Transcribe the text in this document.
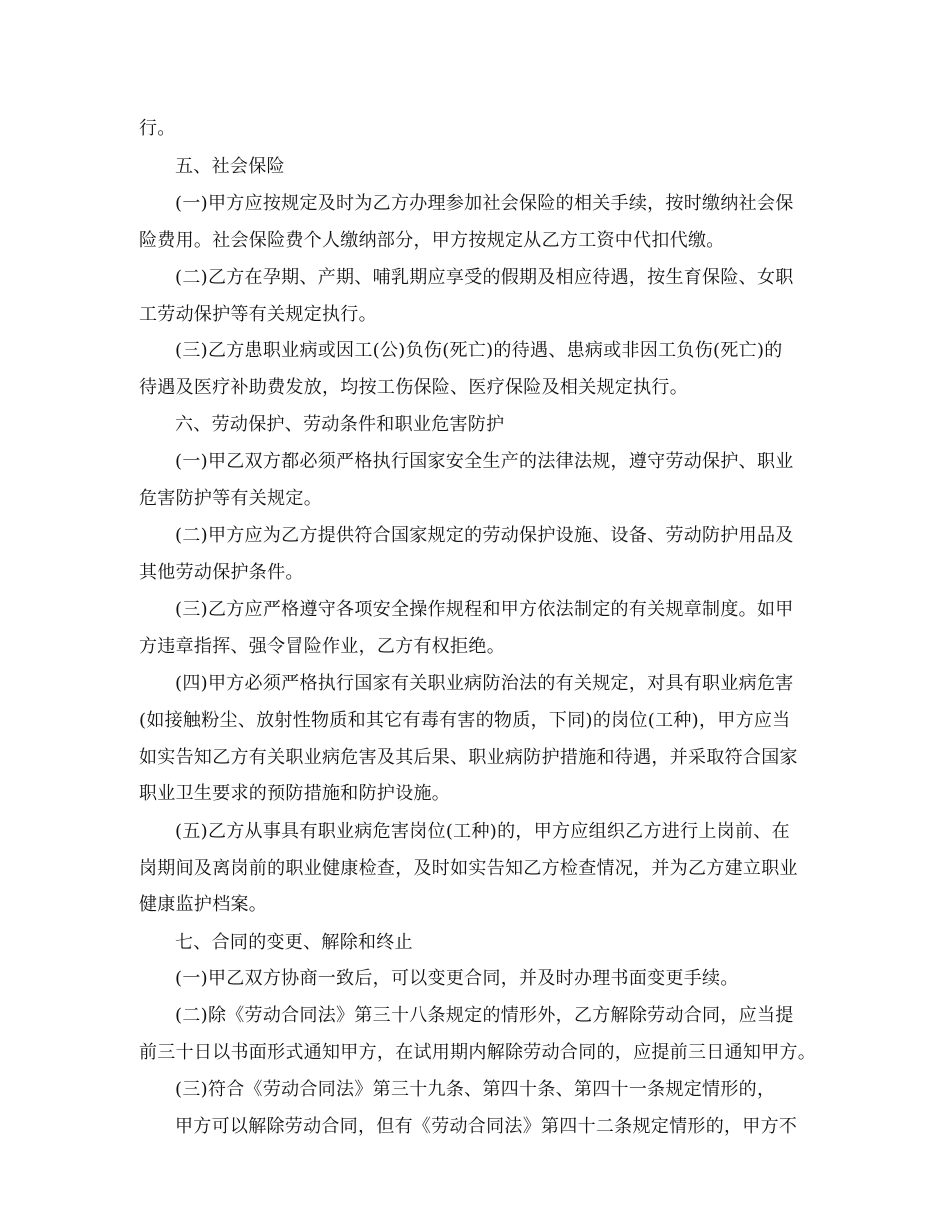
行。
五、社会保险
(一)甲方应按规定及时为乙方办理参加社会保险的相关手续，按时缴纳社会保
险费用。社会保险费个人缴纳部分，甲方按规定从乙方工资中代扣代缴。
(二)乙方在孕期、产期、哺乳期应享受的假期及相应待遇，按生育保险、女职
工劳动保护等有关规定执行。
(三)乙方患职业病或因工(公)负伤(死亡)的待遇、患病或非因工负伤(死亡)的
待遇及医疗补助费发放，均按工伤保险、医疗保险及相关规定执行。
六、劳动保护、劳动条件和职业危害防护
(一)甲乙双方都必须严格执行国家安全生产的法律法规，遵守劳动保护、职业
危害防护等有关规定。
(二)甲方应为乙方提供符合国家规定的劳动保护设施、设备、劳动防护用品及
其他劳动保护条件。
(三)乙方应严格遵守各项安全操作规程和甲方依法制定的有关规章制度。如甲
方违章指挥、强令冒险作业，乙方有权拒绝。
(四)甲方必须严格执行国家有关职业病防治法的有关规定，对具有职业病危害
(如接触粉尘、放射性物质和其它有毒有害的物质，下同)的岗位(工种)，甲方应当
如实告知乙方有关职业病危害及其后果、职业病防护措施和待遇，并采取符合国家
职业卫生要求的预防措施和防护设施。
(五)乙方从事具有职业病危害岗位(工种)的，甲方应组织乙方进行上岗前、在
岗期间及离岗前的职业健康检查，及时如实告知乙方检查情况，并为乙方建立职业
健康监护档案。
七、合同的变更、解除和终止
(一)甲乙双方协商一致后，可以变更合同，并及时办理书面变更手续。
(二)除《劳动合同法》第三十八条规定的情形外，乙方解除劳动合同，应当提
前三十日以书面形式通知甲方，在试用期内解除劳动合同的，应提前三日通知甲方。
(三)符合《劳动合同法》第三十九条、第四十条、第四十一条规定情形的，
甲方可以解除劳动合同，但有《劳动合同法》第四十二条规定情形的，甲方不
